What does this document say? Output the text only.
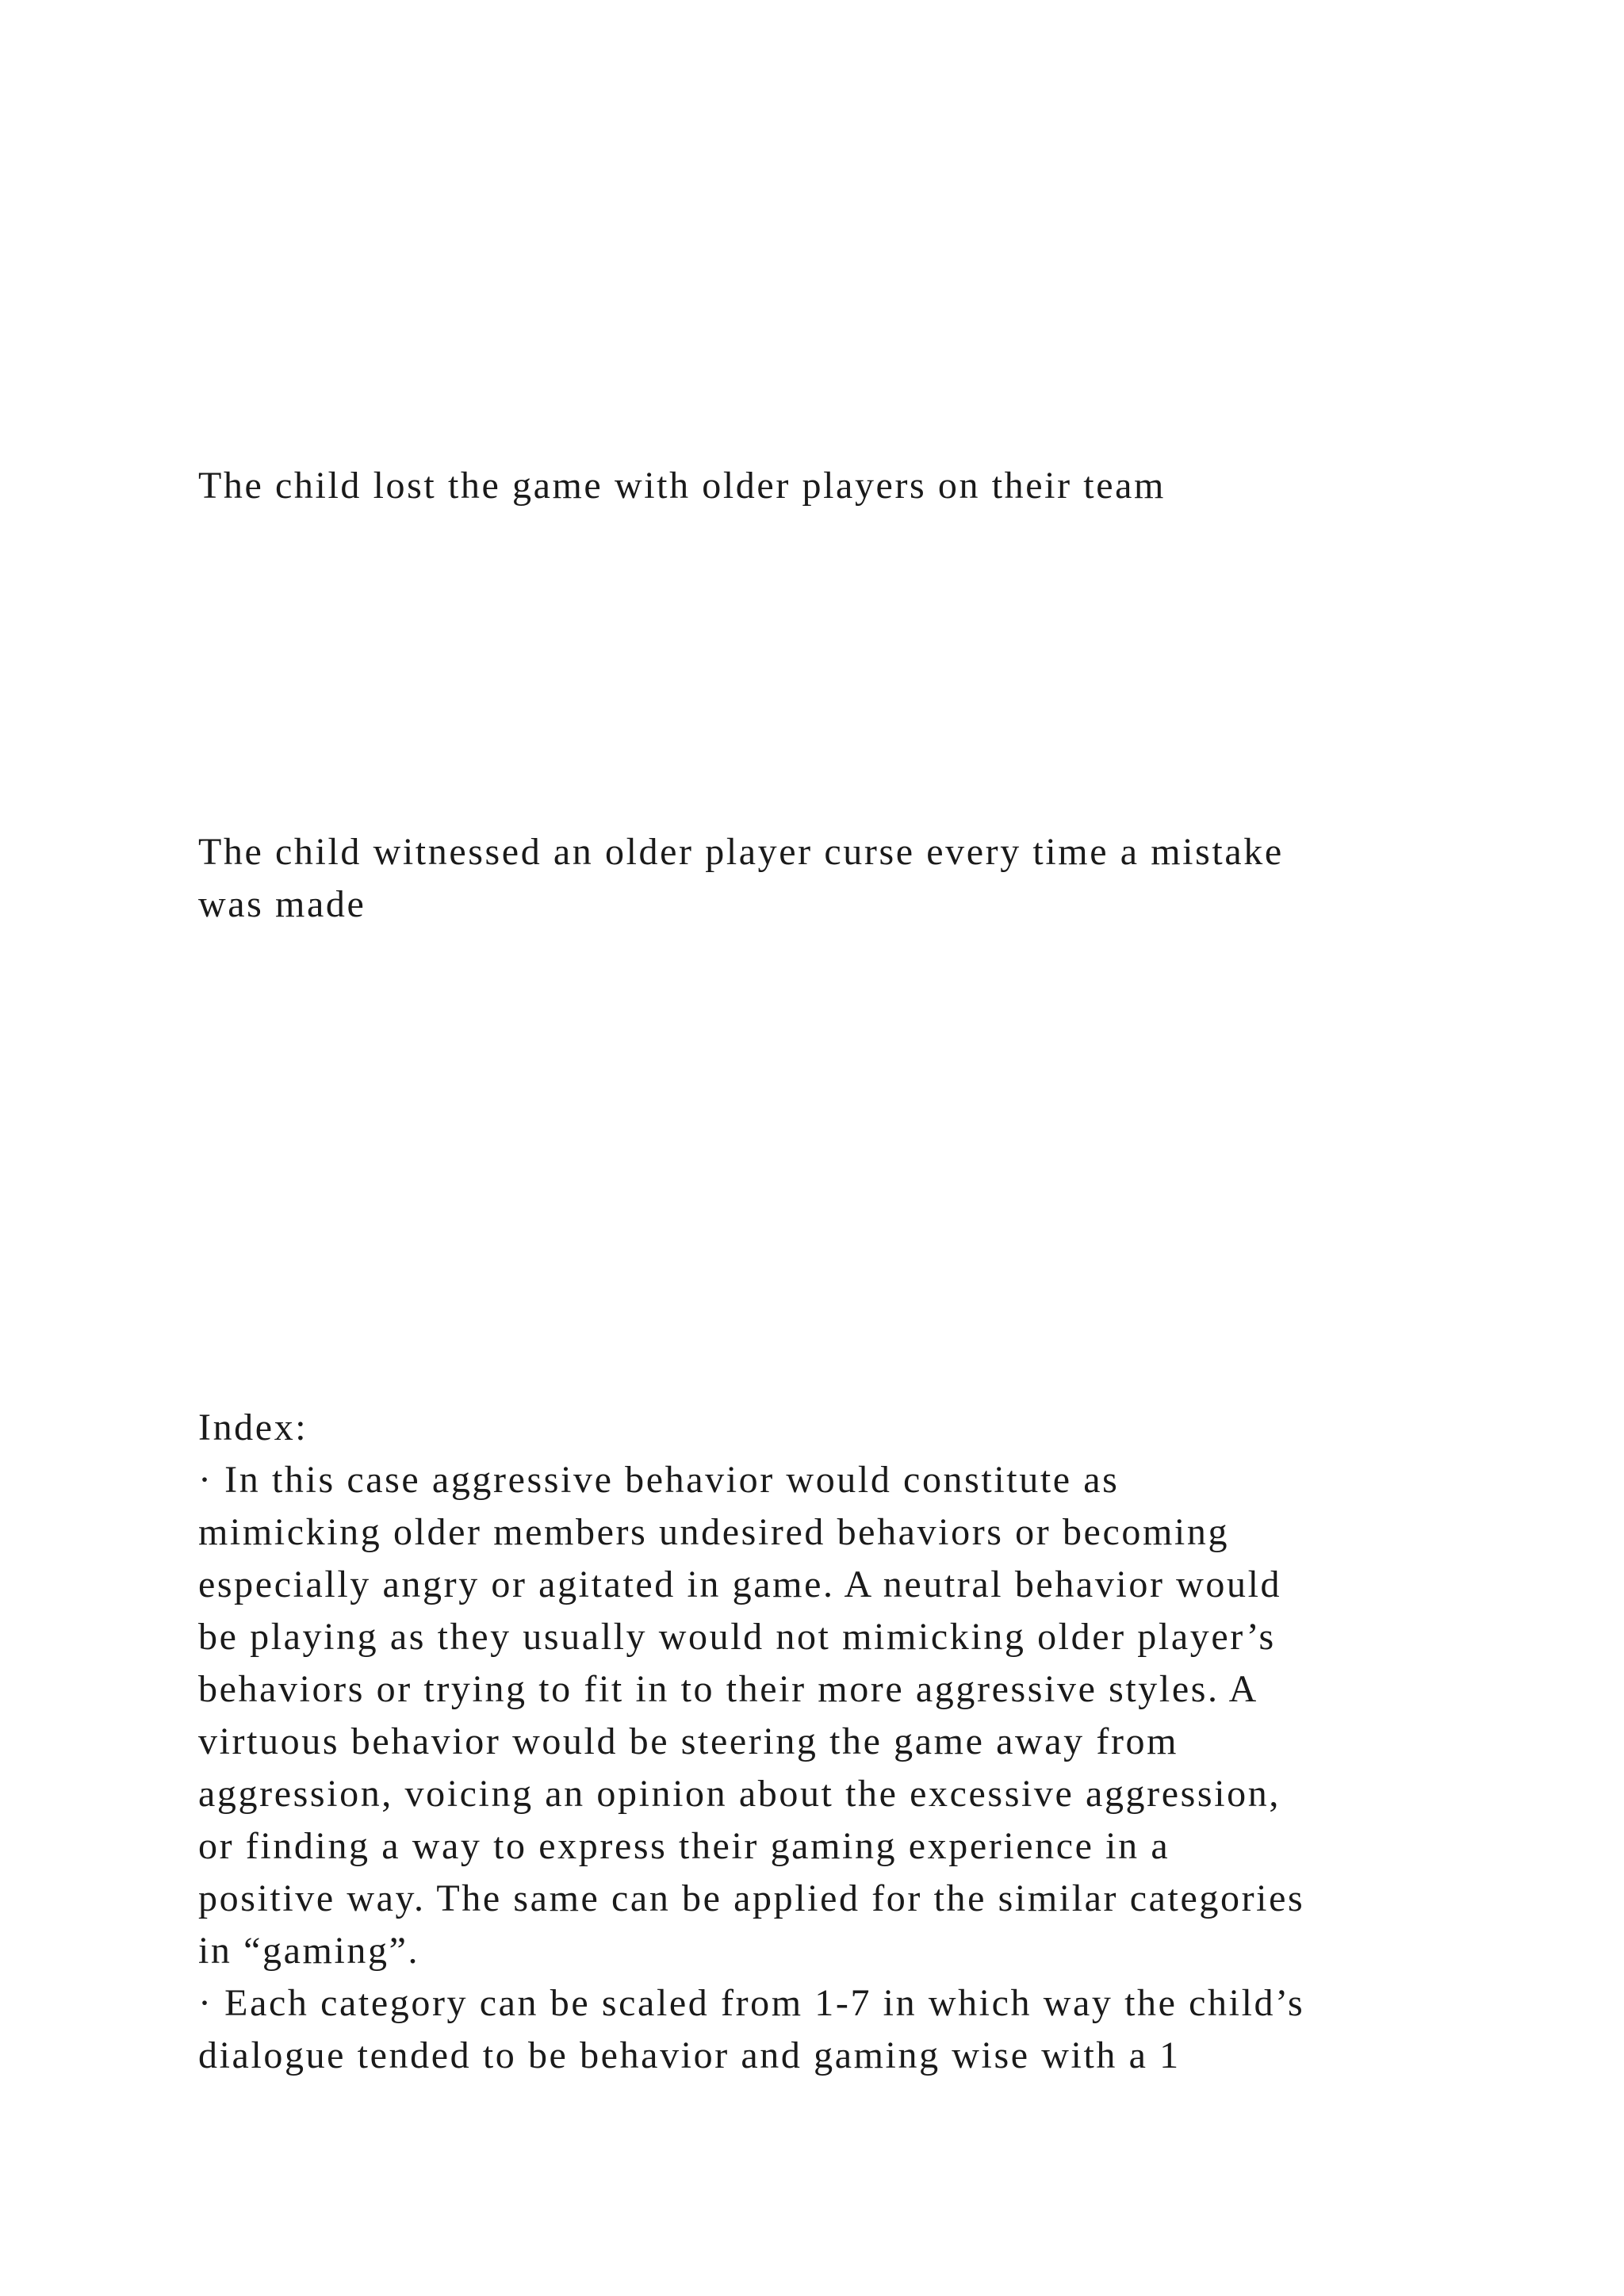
The child lost the game with older players on their team

The child witnessed an older player curse every time a mistake

was made

Index:

· In this case aggressive behavior would constitute as

mimicking older members undesired behaviors or becoming

especially angry or agitated in game. A neutral behavior would

be playing as they usually would not mimicking older player’s

behaviors or trying to fit in to their more aggressive styles. A

virtuous behavior would be steering the game away from

aggression, voicing an opinion about the excessive aggression,

or finding a way to express their gaming experience in a

positive way. The same can be applied for the similar categories

in “gaming”.

· Each category can be scaled from 1-7 in which way the child’s

dialogue tended to be behavior and gaming wise with a 1
